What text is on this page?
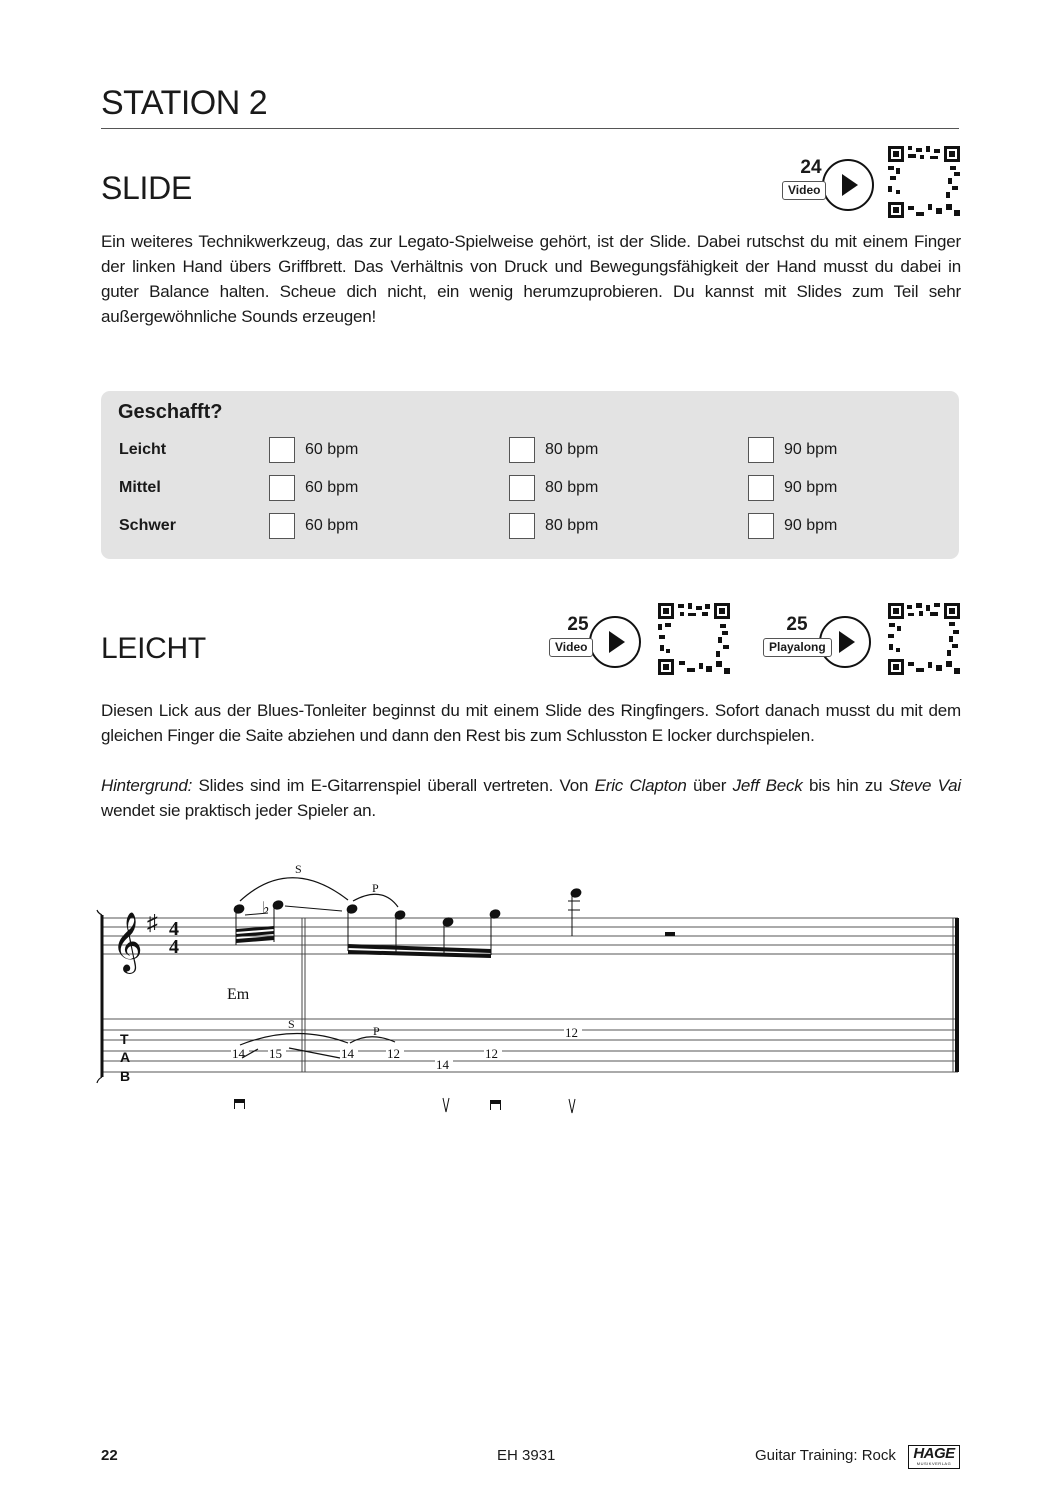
STATION 2
SLIDE
24
Video

Ein weiteres Technikwerkzeug, das zur Legato-Spielweise gehört, ist der Slide. Dabei rutschst du mit einem Finger der linken Hand übers Griffbrett. Das Verhältnis von Druck und Bewegungsfähigkeit der Hand musst du dabei in guter Balance halten. Scheue dich nicht, ein wenig herumzuprobieren. Du kannst mit Slides zum Teil sehr außergewöhnliche Sounds erzeugen!

Geschafft?
Leicht	60 bpm	80 bpm	90 bpm
Mittel	60 bpm	80 bpm	90 bpm
Schwer	60 bpm	80 bpm	90 bpm
LEICHT
25
Video
25
Playalong

Diesen Lick aus der Blues-Tonleiter beginnst du mit einem Slide des Ringfingers. Sofort danach musst du mit dem gleichen Finger die Saite abziehen und dann den Rest bis zum Schlusston E locker durchspielen.

Hintergrund: Slides sind im E-Gitarrenspiel überall vertreten. Von Eric Clapton über Jeff Beck bis hin zu Steve Vai wendet sie praktisch jeder Spieler an.

𝄞 ♯ 4
4
Em
S
P
S	P
♭
T
A
B
14 15	14	12
14
12
12
22	EH 3931	Guitar Training: Rock HAGE
MUSIKVERLAG
